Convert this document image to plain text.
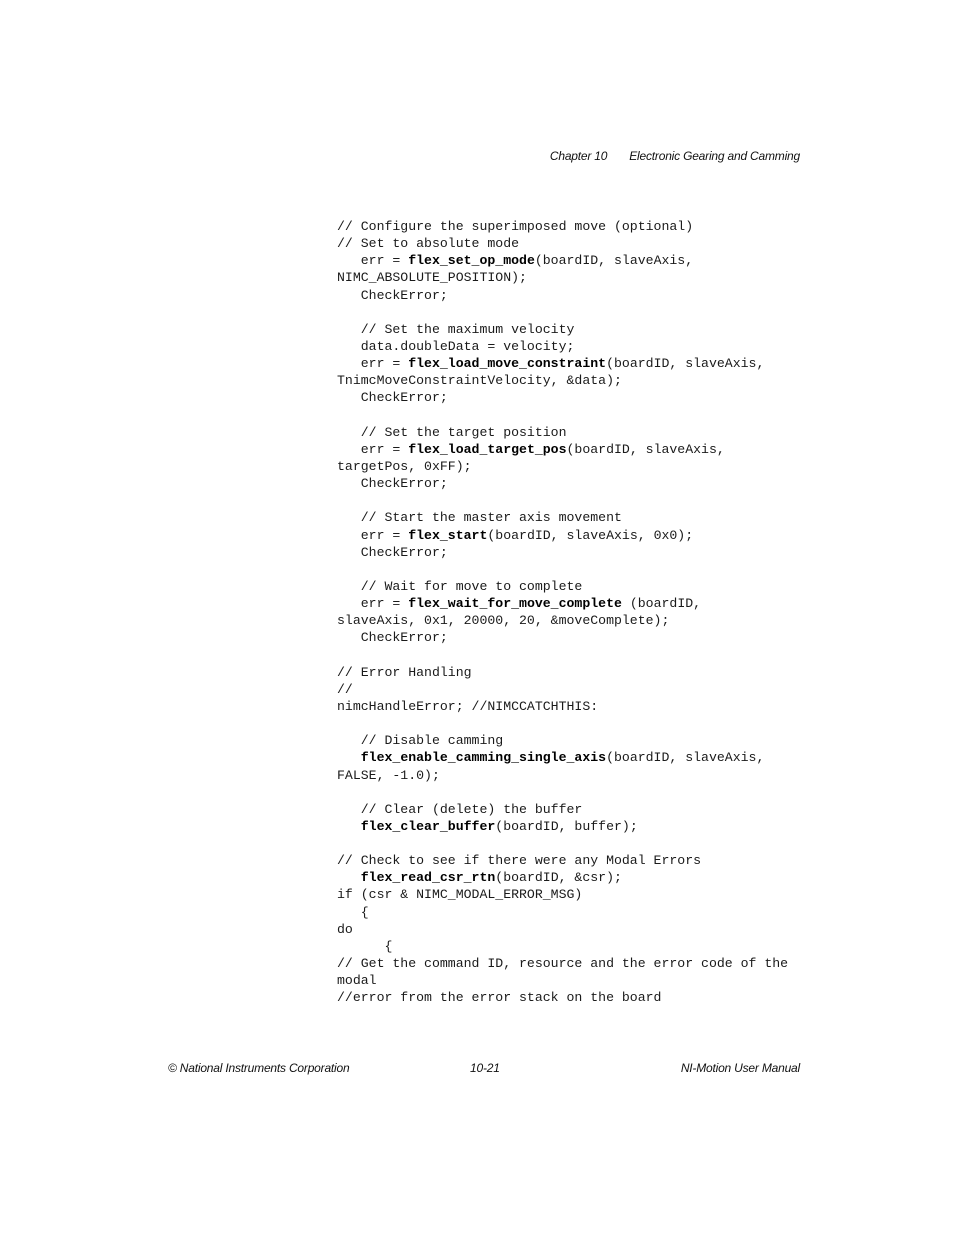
Chapter 10 Electronic Gearing and Camming
// Configure the superimposed move (optional)
// Set to absolute mode
err = flex_set_op_mode(boardID, slaveAxis,
NIMC_ABSOLUTE_POSITION);
CheckError;
// Set the maximum velocity
data.doubleData = velocity;
err = flex_load_move_constraint(boardID, slaveAxis,
TnimcMoveConstraintVelocity, &data);
CheckError;
// Set the target position
err = flex_load_target_pos(boardID, slaveAxis,
targetPos, 0xFF);
CheckError;
// Start the master axis movement
err = flex_start(boardID, slaveAxis, 0x0);
CheckError;
// Wait for move to complete
err = flex_wait_for_move_complete (boardID,
slaveAxis, 0x1, 20000, 20, &moveComplete);
CheckError;
// Error Handling
//
nimcHandleError; //NIMCCATCHTHIS:
// Disable camming
flex_enable_camming_single_axis(boardID, slaveAxis,
FALSE, -1.0);
// Clear (delete) the buffer
flex_clear_buffer(boardID, buffer);
// Check to see if there were any Modal Errors
flex_read_csr_rtn(boardID, &csr);
if (csr & NIMC_MODAL_ERROR_MSG)
{
do
{
// Get the command ID, resource and the error code of the
modal
//error from the error stack on the board
© National Instruments Corporation	10-21	NI-Motion User Manual
